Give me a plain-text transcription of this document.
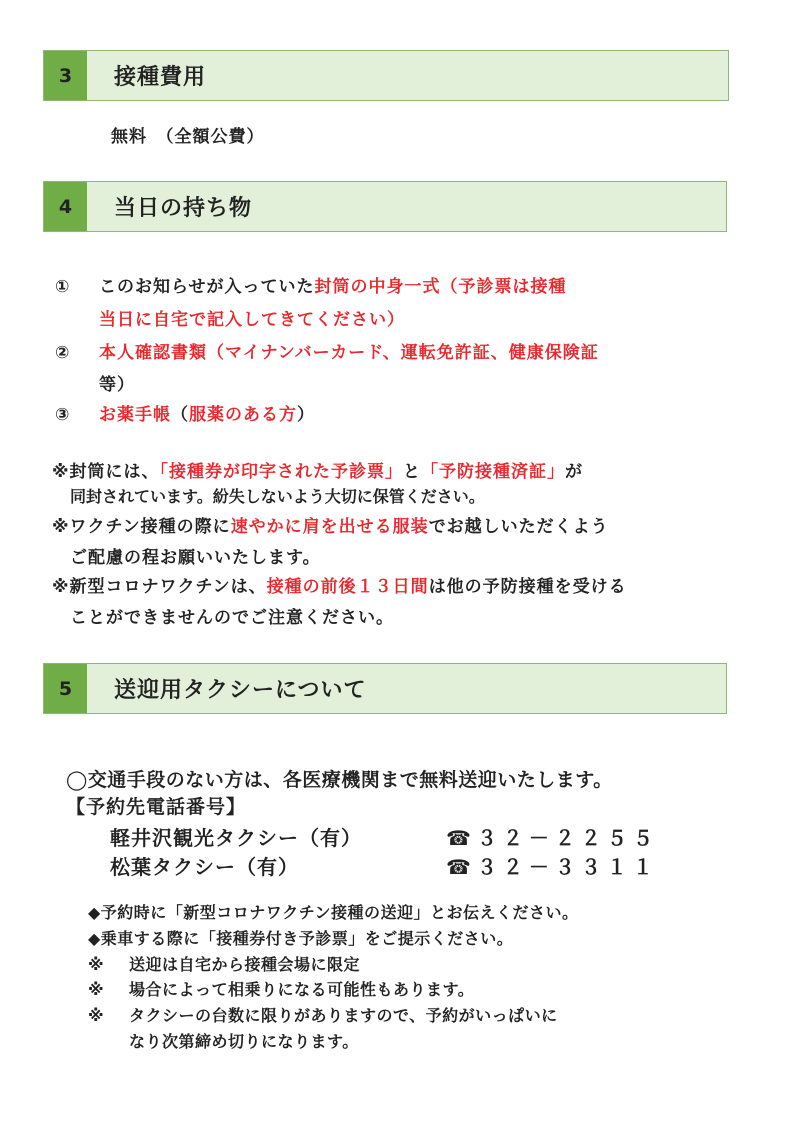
3	接種費用
無料　（全額公費）
4	当日の持ち物
① このお知らせが入っていた封筒の中身一式（予診票は接種
当日に自宅で記入してきてください）
② 本人確認書類（マイナンバーカード、運転免許証、健康保険証
等）
③ お薬手帳（服薬のある方）
※封筒には、「接種券が印字された予診票」と「予防接種済証」が
同封されています。紛失しないよう大切に保管ください。
※ワクチン接種の際に速やかに肩を出せる服装でお越しいただくよう
ご配慮の程お願いいたします。
※新型コロナワクチンは、接種の前後１３日間は他の予防接種を受ける
ことができませんのでご注意ください。
5	送迎用タクシーについて
◯交通手段のない方は、各医療機関まで無料送迎いたします。
【予約先電話番号】
軽井沢観光タクシー（有）	☎３２－２２５５
松葉タクシー（有）	☎３２－３３１１
◆予約時に「新型コロナワクチン接種の送迎」とお伝えください。
◆乗車する際に「接種券付き予診票」をご提示ください。
※ 送迎は自宅から接種会場に限定
※ 場合によって相乗りになる可能性もあります。
※ タクシーの台数に限りがありますので、予約がいっぱいに
なり次第締め切りになります。
